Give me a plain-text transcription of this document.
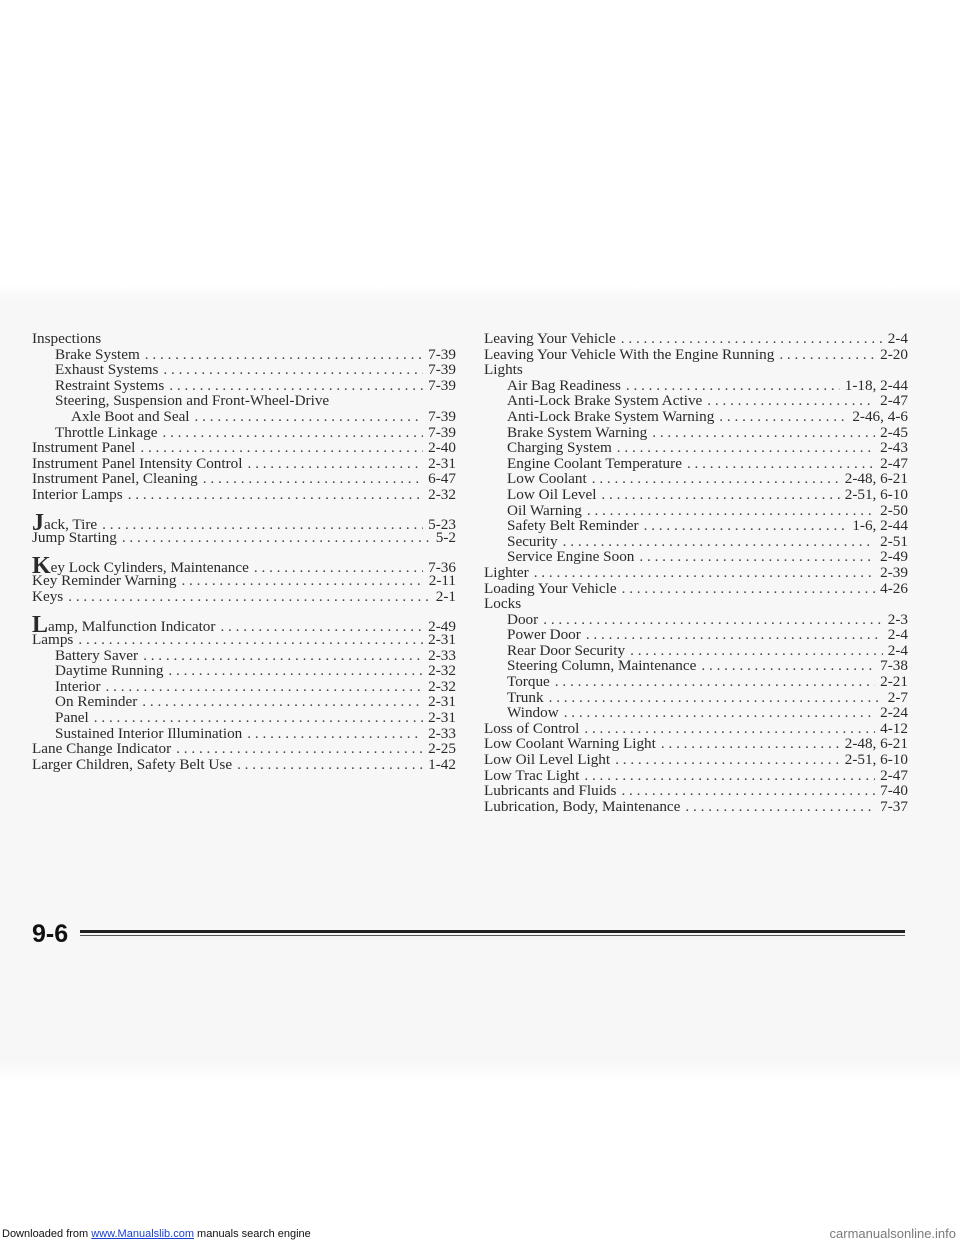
Inspections
Brake System . . .	7-39
Exhaust Systems . . .	7-39
Restraint Systems . . .	7-39
Steering, Suspension and Front-Wheel-Drive
Axle Boot and Seal . . .	7-39
Throttle Linkage . . .	7-39
Instrument Panel . . .	2-40
Instrument Panel Intensity Control . . .	2-31
Instrument Panel, Cleaning . . .	6-47
Interior Lamps . . .	2-32
Jack, Tire . . .	5-23
Jump Starting . . .	5-2
Key Lock Cylinders, Maintenance . . .	7-36
Key Reminder Warning . . .	2-11
Keys . . .	2-1
Lamp, Malfunction Indicator . . .	2-49
Lamps . . .	2-31
Battery Saver . . .	2-33
Daytime Running . . .	2-32
Interior . . .	2-32
On Reminder . . .	2-31
Panel . . .	2-31
Sustained Interior Illumination . . .	2-33
Lane Change Indicator . . .	2-25
Larger Children, Safety Belt Use . . .	1-42
Leaving Your Vehicle . . .	2-4
Leaving Your Vehicle With the Engine Running . . .	2-20
Lights
Air Bag Readiness . . .	1-18, 2-44
Anti-Lock Brake System Active . . .	2-47
Anti-Lock Brake System Warning . . .	2-46, 4-6
Brake System Warning . . .	2-45
Charging System . . .	2-43
Engine Coolant Temperature . . .	2-47
Low Coolant . . .	2-48, 6-21
Low Oil Level . . .	2-51, 6-10
Oil Warning . . .	2-50
Safety Belt Reminder . . .	1-6, 2-44
Security . . .	2-51
Service Engine Soon . . .	2-49
Lighter . . .	2-39
Loading Your Vehicle . . .	4-26
Locks
Door . . .	2-3
Power Door . . .	2-4
Rear Door Security . . .	2-4
Steering Column, Maintenance . . .	7-38
Torque . . .	2-21
Trunk . . .	2-7
Window . . .	2-24
Loss of Control . . .	4-12
Low Coolant Warning Light . . .	2-48, 6-21
Low Oil Level Light . . .	2-51, 6-10
Low Trac Light . . .	2-47
Lubricants and Fluids . . .	7-40
Lubrication, Body, Maintenance . . .	7-37
9-6
Downloaded from www.Manualslib.com manuals search engine	carmanualsonline.info
